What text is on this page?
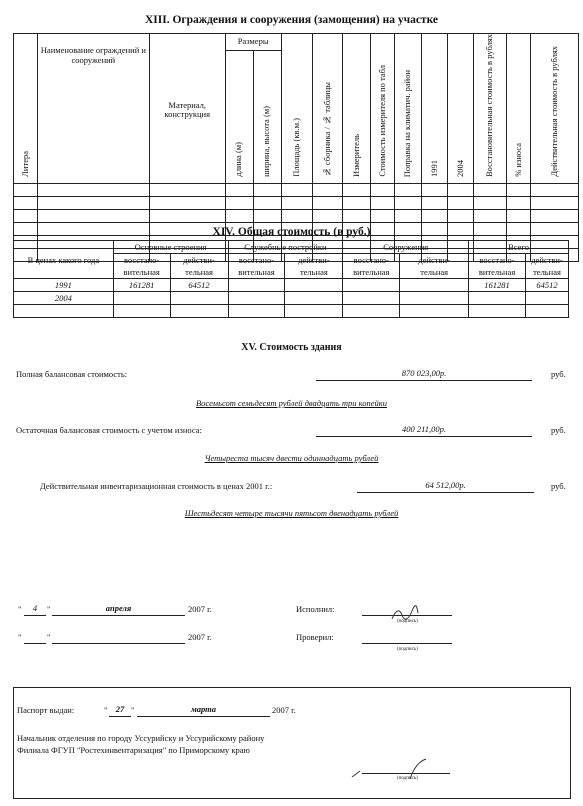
XIII. Ограждения и сооружения (замощения) на участке
Литера	Наименование ограждений и сооружений	Материал, конструкция	Размеры		Площадь (кв.м.)	№ сборника / № таблицы	Измеритель	Стоимость измерителя по табл	Поправка на климатич. район	1991	2004	Восстановительная стоимость в рублях	% износа	Действительная стоимость в рублях
			длина (м)	ширина, высота (м)										

XIV. Общая стоимость (в руб.)
В ценах какого года	Основные строения		Служебные постройки		Сооружения		Всего	
	восстано-	действи-	восстано-	действи-	восстано-	действи-	восстано-	действи-
	вительная	тельная	вительная	тельная	вительная	тельная	вительная	тельная
1991	161281	64512					161281	64512
2004								

XV. Стоимость здания
Полная балансовая стоимость:	870 023,00р.	руб.
Восемьсот семьдесят рублей двадцать три копейки
Остаточная балансовая стоимость с учетом износа:	400 211,00р.	руб.
Четыреста тысяч двести одиннадцать рублей
Действительная инвентаризационная стоимость в ценах 2001 г.:	64 512,00р.	руб.
Шестьдесят четыре тысячи пятьсот двенадцать рублей
"	4	"	апреля	2007 г.	Исполнил:
(подпись)
"	"	2007 г.	Проверил:
(подпись)
Паспорт выдан:	" 27 "	марта	2007 г.
Начальник отделения по городу Уссурийску и Уссурийскому району
Филиала ФГУП "Ростехинвентаризация" по Приморскому краю
(подпись)
